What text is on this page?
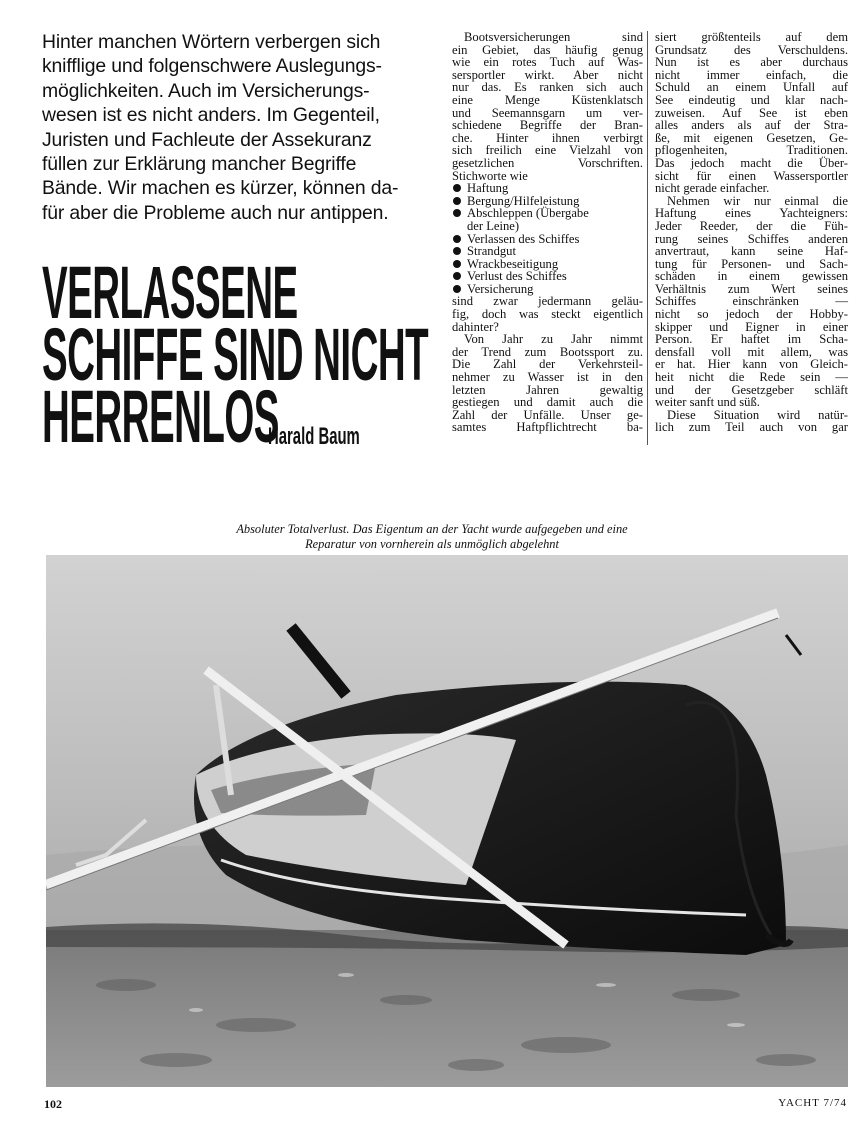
Hinter manchen Wörtern verbergen sich
knifflige und folgenschwere Auslegungs-
möglichkeiten. Auch im Versicherungs-
wesen ist es nicht anders. Im Gegenteil,
Juristen und Fachleute der Assekuranz
füllen zur Erklärung mancher Begriffe
Bände. Wir machen es kürzer, können da-
für aber die Probleme auch nur antippen.
VERLASSENE
SCHIFFE SIND NICHT
HERRENLOS
Harald Baum
Bootsversicherungen sind
ein Gebiet, das häufig genug
wie ein rotes Tuch auf Was-
sersportler wirkt. Aber nicht
nur das. Es ranken sich auch
eine Menge Küstenklatsch
und Seemannsgarn um ver-
schiedene Begriffe der Bran-
che. Hinter ihnen verbirgt
sich freilich eine Vielzahl von
gesetzlichen Vorschriften.
Stichworte wie
Haftung
Bergung/Hilfeleistung
Abschleppen (Übergabe
der Leine)
Verlassen des Schiffes
Strandgut
Wrackbeseitigung
Verlust des Schiffes
Versicherung
sind zwar jedermann geläu-
fig, doch was steckt eigentlich
dahinter?
Von Jahr zu Jahr nimmt
der Trend zum Bootssport zu.
Die Zahl der Verkehrsteil-
nehmer zu Wasser ist in den
letzten Jahren gewaltig
gestiegen und damit auch die
Zahl der Unfälle. Unser ge-
samtes Haftpflichtrecht ba-
siert größtenteils auf dem
Grundsatz des Verschuldens.
Nun ist es aber durchaus
nicht immer einfach, die
Schuld an einem Unfall auf
See eindeutig und klar nach-
zuweisen. Auf See ist eben
alles anders als auf der Stra-
ße, mit eigenen Gesetzen, Ge-
pflogenheiten, Traditionen.
Das jedoch macht die Über-
sicht für einen Wassersportler
nicht gerade einfacher.
Nehmen wir nur einmal die
Haftung eines Yachteigners:
Jeder Reeder, der die Füh-
rung seines Schiffes anderen
anvertraut, kann seine Haf-
tung für Personen- und Sach-
schäden in einem gewissen
Verhältnis zum Wert seines
Schiffes einschränken —
nicht so jedoch der Hobby-
skipper und Eigner in einer
Person. Er haftet im Scha-
densfall voll mit allem, was
er hat. Hier kann von Gleich-
heit nicht die Rede sein —
und der Gesetzgeber schläft
weiter sanft und süß.
Diese Situation wird natür-
lich zum Teil auch von gar
Absoluter Totalverlust. Das Eigentum an der Yacht wurde aufgegeben und eine
Reparatur von vornherein als unmöglich abgelehnt
102	YACHT 7/74
